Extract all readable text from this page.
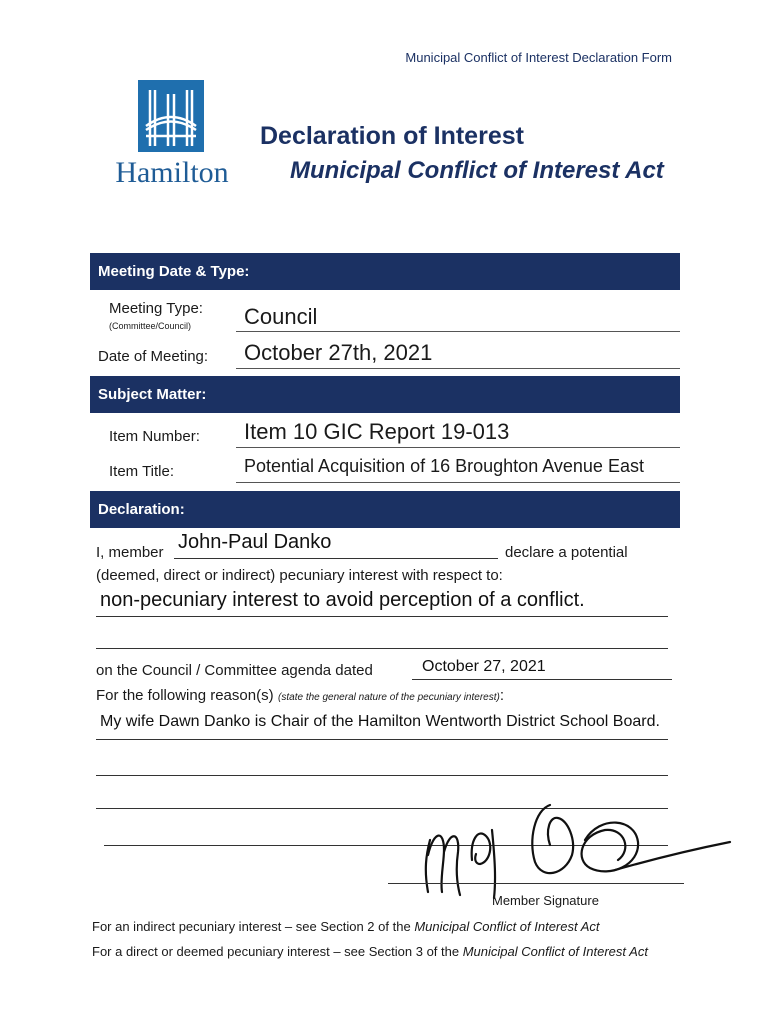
Municipal Conflict of Interest Declaration Form
Hamilton
Declaration of Interest
Municipal Conflict of Interest Act
Meeting Date & Type:
Meeting Type:
(Committee/Council) Council
Date of Meeting: October 27th, 2021
Subject Matter:
Item Number: Item 10 GIC Report 19-013
Item Title:	Potential Acquisition of 16 Broughton Avenue East
Declaration:
I, member John-Paul Danko	declare a potential
(deemed, direct or indirect) pecuniary interest with respect to:
non-pecuniary interest to avoid perception of a conflict.
on the Council / Committee agenda dated	October 27, 2021
For the following reason(s) (state the general nature of the pecuniary interest):
My wife Dawn Danko is Chair of the Hamilton Wentworth District School Board.
Member Signature
For an indirect pecuniary interest – see Section 2 of the Municipal Conflict of Interest Act
For a direct or deemed pecuniary interest – see Section 3 of the Municipal Conflict of Interest Act
